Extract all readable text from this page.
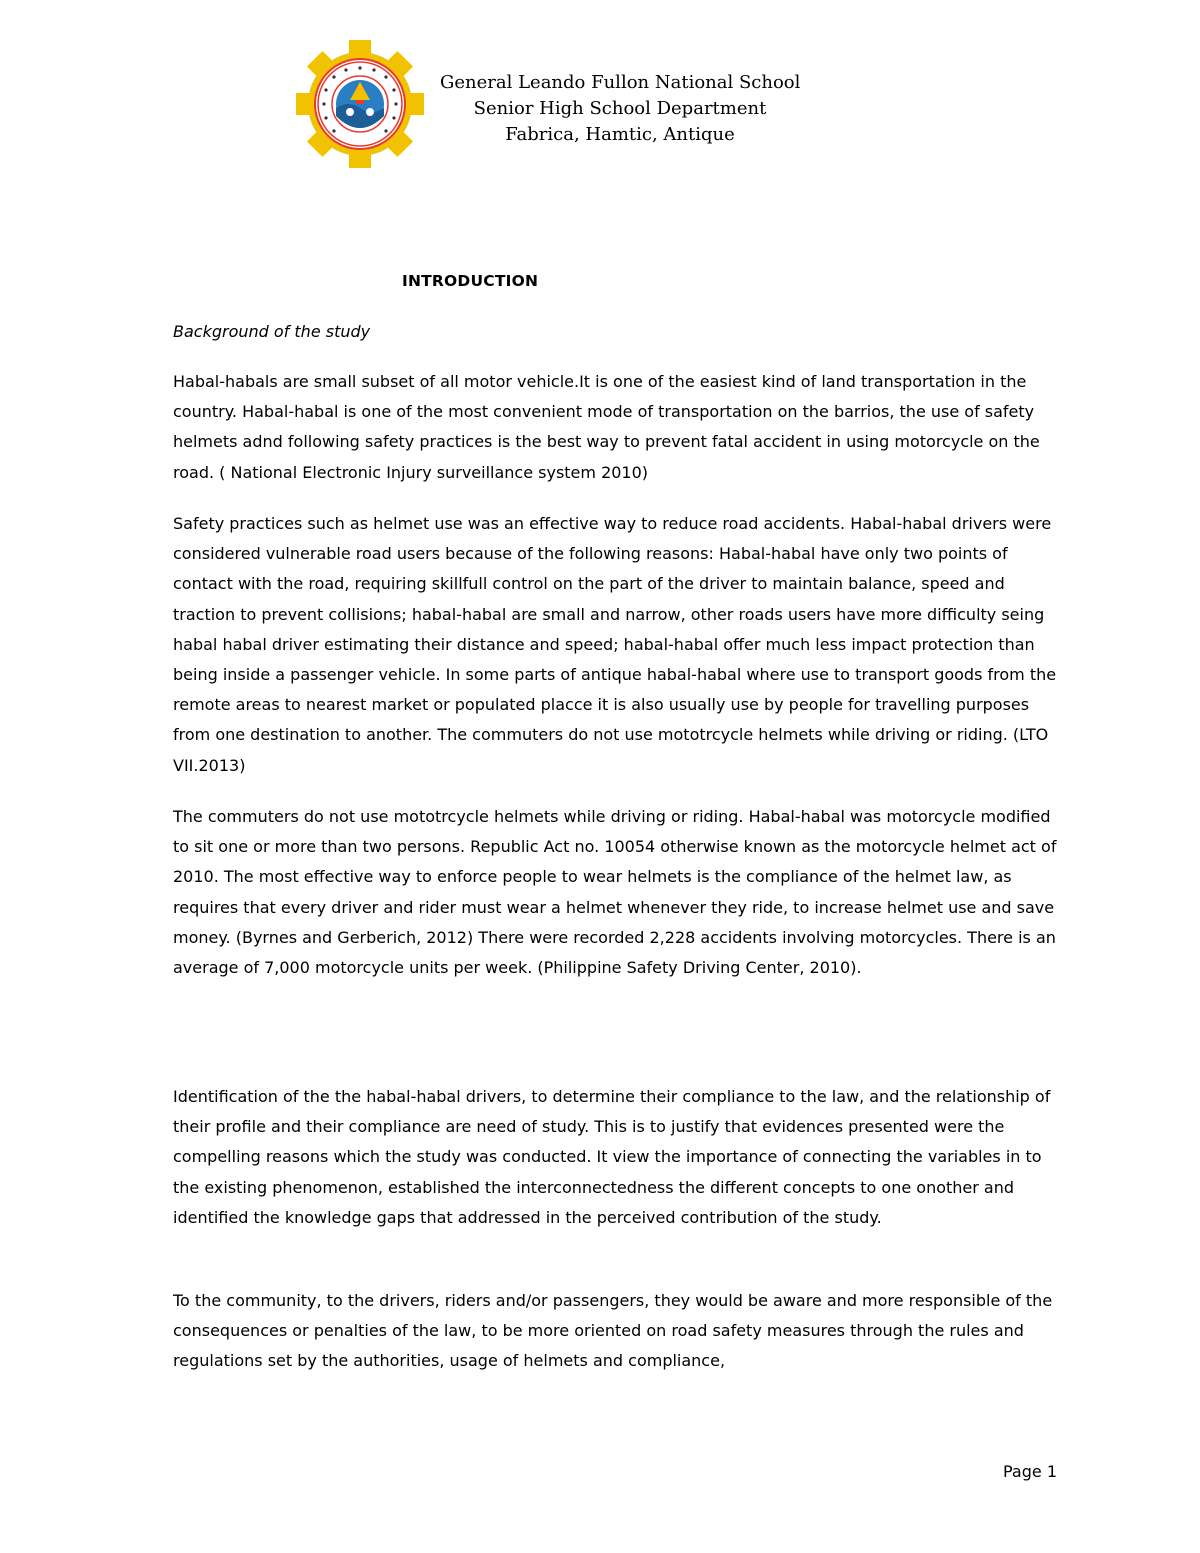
General Leando Fullon National School
Senior High School Department
Fabrica, Hamtic, Antique
INTRODUCTION
Background of the study

Habal-habals are small subset of all motor vehicle.It is one of the easiest kind of land transportation in the country. Habal-habal is one of the most convenient mode of transportation on the barrios, the use of safety helmets adnd following safety practices is the best way to prevent fatal accident in using motorcycle on the road. ( National Electronic Injury surveillance system 2010)

Safety practices such as helmet use was an effective way to reduce road accidents. Habal-habal drivers were considered vulnerable road users because of the following reasons: Habal-habal have only two points of contact with the road, requiring skillfull control on the part of the driver to maintain balance, speed and traction to prevent collisions; habal-habal are small and narrow, other roads users have more difficulty seing habal habal driver estimating their distance and speed; habal-habal offer much less impact protection than being inside a passenger vehicle. In some parts of antique habal-habal where use to transport goods from the remote areas to nearest market or populated placce it is also usually use by people for travelling purposes from one destination to another. The commuters do not use mototrcycle helmets while driving or riding. (LTO VII.2013)

The commuters do not use mototrcycle helmets while driving or riding. Habal-habal was motorcycle modified to sit one or more than two persons. Republic Act no. 10054 otherwise known as the motorcycle helmet act of 2010. The most effective way to enforce people to wear helmets is the compliance of the helmet law, as requires that every driver and rider must wear a helmet whenever they ride, to increase helmet use and save money. (Byrnes and Gerberich, 2012) There were recorded 2,228 accidents involving motorcycles. There is an average of 7,000 motorcycle units per week. (Philippine Safety Driving Center, 2010).

Identification of the the habal-habal drivers, to determine their compliance to the law, and the relationship of their profile and their compliance are need of study. This is to justify that evidences presented were the compelling reasons which the study was conducted. It view the importance of connecting the variables in to the existing phenomenon, established the interconnectedness the different concepts to one onother and identified the knowledge gaps that addressed in the perceived contribution of the study.

To the community, to the drivers, riders and/or passengers, they would be aware and more responsible of the consequences or penalties of the law, to be more oriented on road safety measures through the rules and regulations set by the authorities, usage of helmets and compliance,

Page 1
